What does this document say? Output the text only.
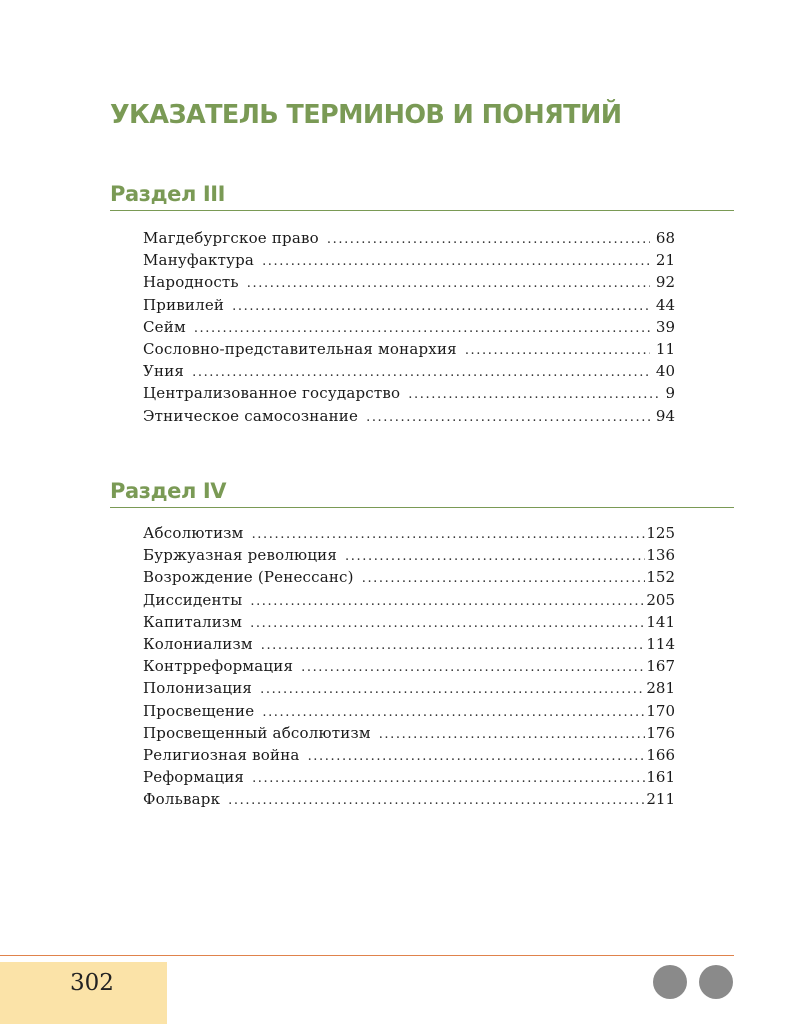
УКАЗАТЕЛЬ ТЕРМИНОВ И ПОНЯТИЙ
Раздел III
Магдебургское право .....	68
Мануфактура .....	21
Народность .....	92
Привилей .....	44
Сейм .....	39
Сословно-представительная монархия .....	11
Уния .....	40
Централизованное государство .....	9
Этническое самосознание .....	94
Раздел IV
Абсолютизм .....	125
Буржуазная революция .....	136
Возрождение (Ренессанс) .....	152
Диссиденты .....	205
Капитализм .....	141
Колониализм .....	114
Контрреформация .....	167
Полонизация .....	281
Просвещение .....	170
Просвещенный абсолютизм .....	176
Религиозная война .....	166
Реформация .....	161
Фольварк .....	211
302
